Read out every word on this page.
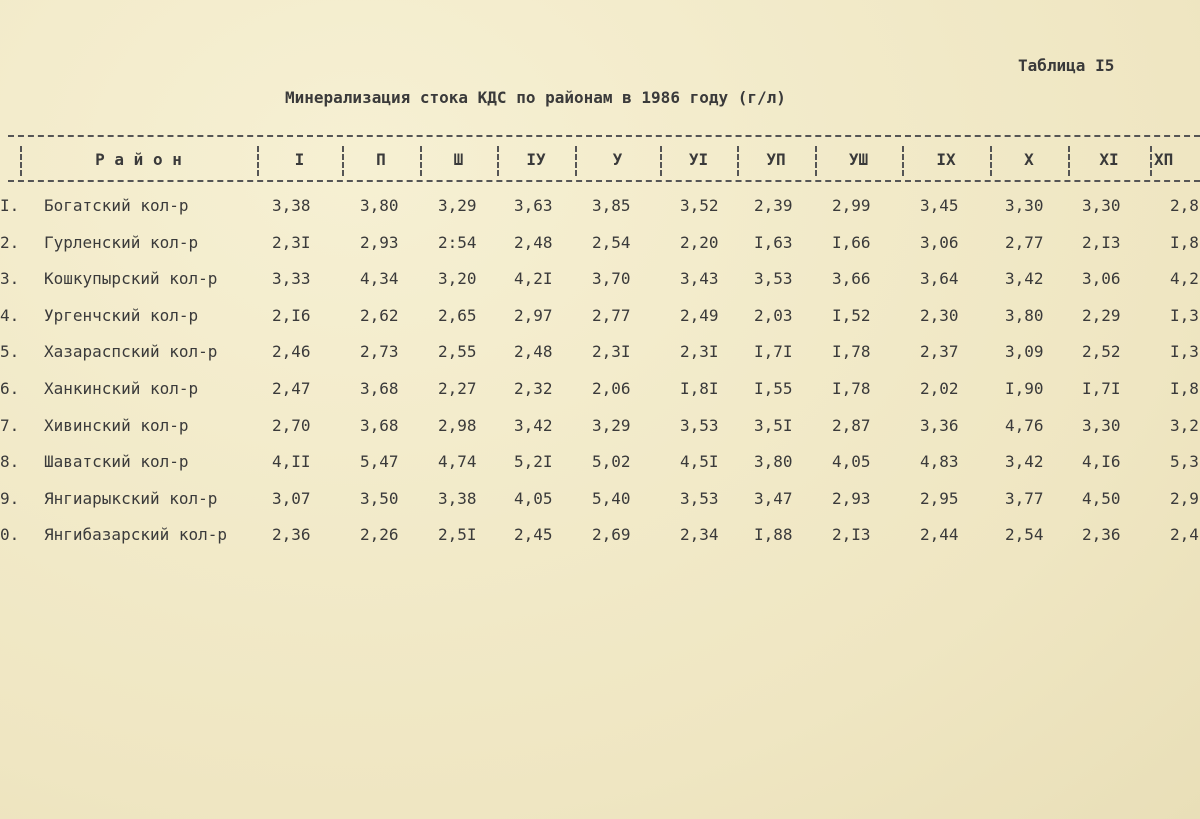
Таблица I5
Минерализация стока КДС по районам в 1986 году (г/л)
Р а й о н	I	П	Ш	IУ	У	УI	УП	УШ	IX	X	XI	ХП
I.	Богатский кол-р	3,38	3,80 3,29 3,63 3,85	3,52 2,39 2,99	3,45	3,30 3,30	2,8
2.	Гурленский кол-р	2,3I	2,93 2:54 2,48 2,54	2,20 I,63 I,66	3,06	2,77 2,I3	I,8
3.	Кошкупырский кол-р	3,33	4,34 3,20 4,2I 3,70	3,43 3,53 3,66	3,64	3,42 3,06	4,2
4.	Ургенчский кол-р	2,I6	2,62 2,65 2,97 2,77	2,49 2,03 I,52	2,30	3,80 2,29	I,3
5.	Хазараспский кол-р	2,46	2,73 2,55 2,48 2,3I	2,3I I,7I I,78	2,37	3,09 2,52	I,3
6.	Ханкинский кол-р	2,47	3,68 2,27 2,32 2,06	I,8I I,55 I,78	2,02	I,90 I,7I	I,8
7.	Хивинский кол-р	2,70	3,68 2,98 3,42 3,29	3,53 3,5I 2,87	3,36	4,76 3,30	3,2
8.	Шаватский кол-р	4,II	5,47 4,74 5,2I 5,02	4,5I 3,80 4,05	4,83	3,42 4,I6	5,3
9.	Янгиарыкский кол-р	3,07	3,50 3,38 4,05 5,40	3,53 3,47 2,93	2,95	3,77 4,50	2,9
0.	Янгибазарский кол-р	2,36	2,26 2,5I 2,45 2,69	2,34 I,88 2,I3	2,44	2,54 2,36	2,4
